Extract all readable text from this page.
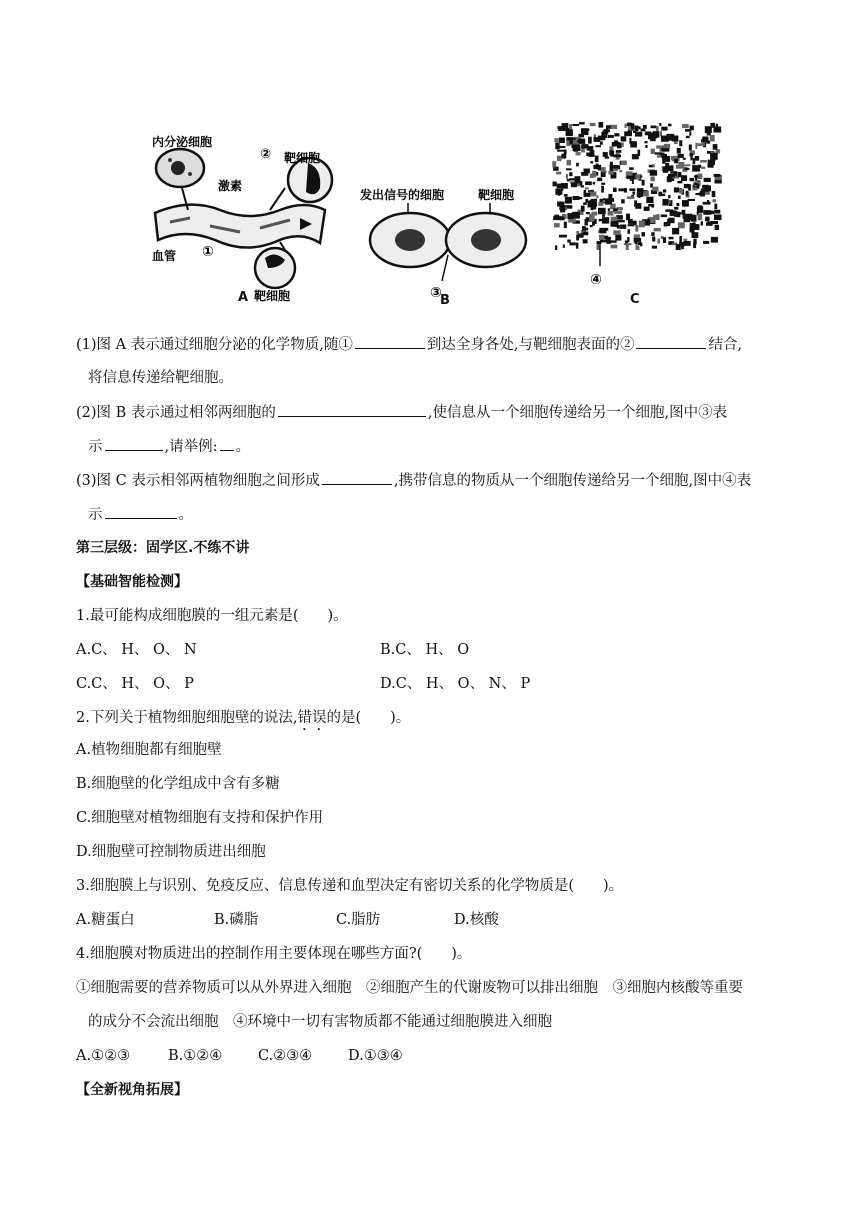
内分泌细胞
② 靶细胞
激素
血管 ①
靶细胞
A
发出信号的细胞	靶细胞
③
B
④
C
(1)图 A 表示通过细胞分泌的化学物质,随①	到达全身各处,与靶细胞表面的②	结合,
将信息传递给靶细胞。
(2)图 B 表示通过相邻两细胞的	,使信息从一个细胞传递给另一个细胞,图中③表
示	,请举例: 。
(3)图 C 表示相邻两植物细胞之间形成	,携带信息的物质从一个细胞传递给另一个细胞,图中④表
示	。
第三层级：固学区.不练不讲
【基础智能检测】
1.最可能构成细胞膜的一组元素是(　　)。
A.C、 H、 O、 N	B.C、 H、 O
C.C、 H、 O、 P	D.C、 H、 O、 N、 P
2.下列关于植物细胞细胞壁的说法,错误的是(　　)。
A.植物细胞都有细胞壁
B.细胞壁的化学组成中含有多糖
C.细胞壁对植物细胞有支持和保护作用
D.细胞壁可控制物质进出细胞
3.细胞膜上与识别、免疫反应、信息传递和血型决定有密切关系的化学物质是(　　)。
A.糖蛋白	B.磷脂	C.脂肪	D.核酸
4.细胞膜对物质进出的控制作用主要体现在哪些方面?(　　)。
①细胞需要的营养物质可以从外界进入细胞　②细胞产生的代谢废物可以排出细胞　③细胞内核酸等重要
的成分不会流出细胞　④环境中一切有害物质都不能通过细胞膜进入细胞
A.①②③	B.①②④ C.②③④ D.①③④
【全新视角拓展】
